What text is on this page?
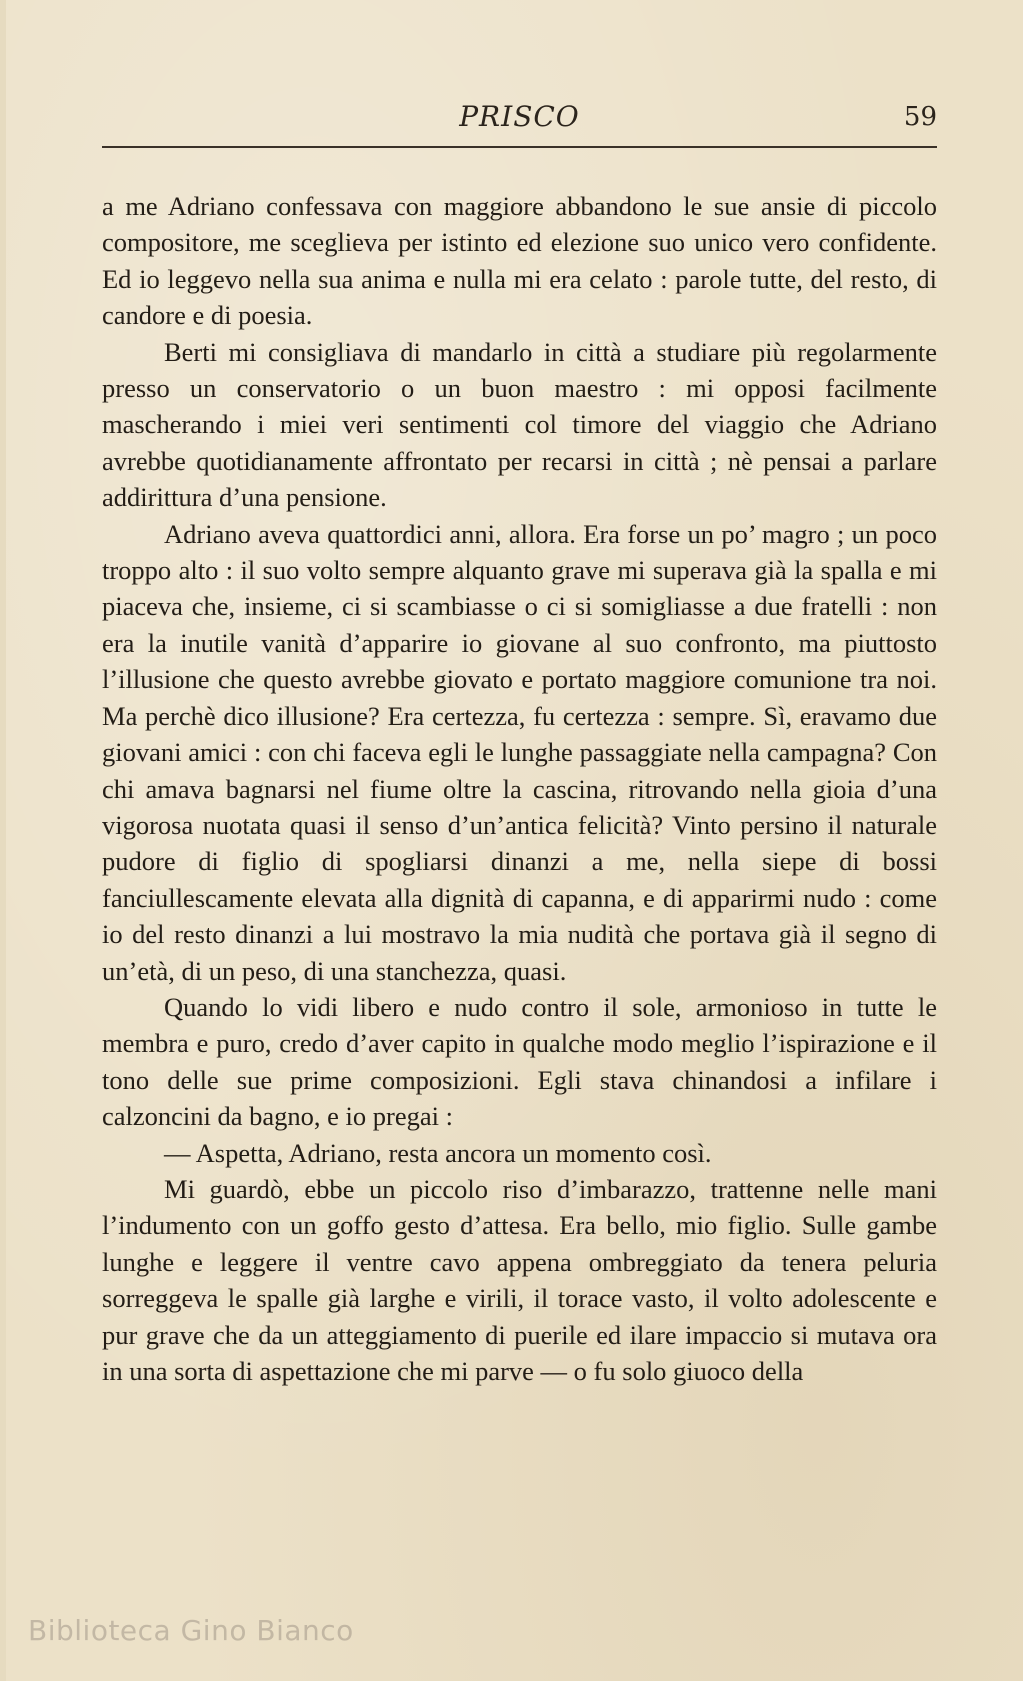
PRISCO	59

a me Adriano confessava con maggiore abbandono le sue ansie di piccolo compositore, me sceglieva per istinto ed elezione suo unico vero confidente. Ed io leggevo nella sua anima e nulla mi era celato : parole tutte, del resto, di candore e di poesia.

Berti mi consigliava di mandarlo in città a studiare più regolarmente presso un conservatorio o un buon maestro : mi opposi facilmente mascherando i miei veri sentimenti col timore del viaggio che Adriano avrebbe quotidianamente affrontato per recarsi in città ; nè pensai a parlare addirittura d’una pensione.

Adriano aveva quattordici anni, allora. Era forse un po’ magro ; un poco troppo alto : il suo volto sempre alquanto grave mi superava già la spalla e mi piaceva che, insieme, ci si scambiasse o ci si somigliasse a due fratelli : non era la inutile vanità d’apparire io giovane al suo confronto, ma piuttosto l’illusione che questo avrebbe giovato e portato maggiore comunione tra noi. Ma perchè dico illusione? Era certezza, fu certezza : sempre. Sì, eravamo due giovani amici : con chi faceva egli le lunghe passaggiate nella campagna? Con chi amava bagnarsi nel fiume oltre la cascina, ritrovando nella gioia d’una vigorosa nuotata quasi il senso d’un’antica felicità? Vinto persino il naturale pudore di figlio di spogliarsi dinanzi a me, nella siepe di bossi fanciullescamente elevata alla dignità di capanna, e di apparirmi nudo : come io del resto dinanzi a lui mostravo la mia nudità che portava già il segno di un’età, di un peso, di una stanchezza, quasi.

Quando lo vidi libero e nudo contro il sole, armonioso in tutte le membra e puro, credo d’aver capito in qualche modo meglio l’ispirazione e il tono delle sue prime composizioni. Egli stava chinandosi a infilare i calzoncini da bagno, e io pregai :

— Aspetta, Adriano, resta ancora un momento così.

Mi guardò, ebbe un piccolo riso d’imbarazzo, trattenne nelle mani l’indumento con un goffo gesto d’attesa. Era bello, mio figlio. Sulle gambe lunghe e leggere il ventre cavo appena ombreggiato da tenera peluria sorreggeva le spalle già larghe e virili, il torace vasto, il volto adolescente e pur grave che da un atteggiamento di puerile ed ilare impaccio si mutava ora in una sorta di aspettazione che mi parve — o fu solo giuoco della

Biblioteca Gino Bianco
